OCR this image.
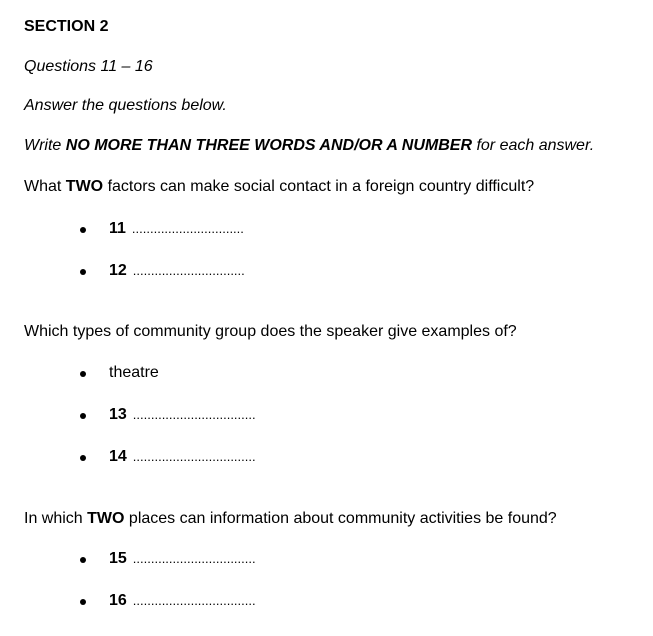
SECTION 2
Questions 11 – 16
Answer the questions below.
Write NO MORE THAN THREE WORDS AND/OR A NUMBER for each answer.
What TWO factors can make social contact in a foreign country difficult?
11 ...............................
12 ...............................
Which types of community group does the speaker give examples of?
theatre
13 ..................................
14 ..................................
In which TWO places can information about community activities be found?
15 ..................................
16 ..................................
